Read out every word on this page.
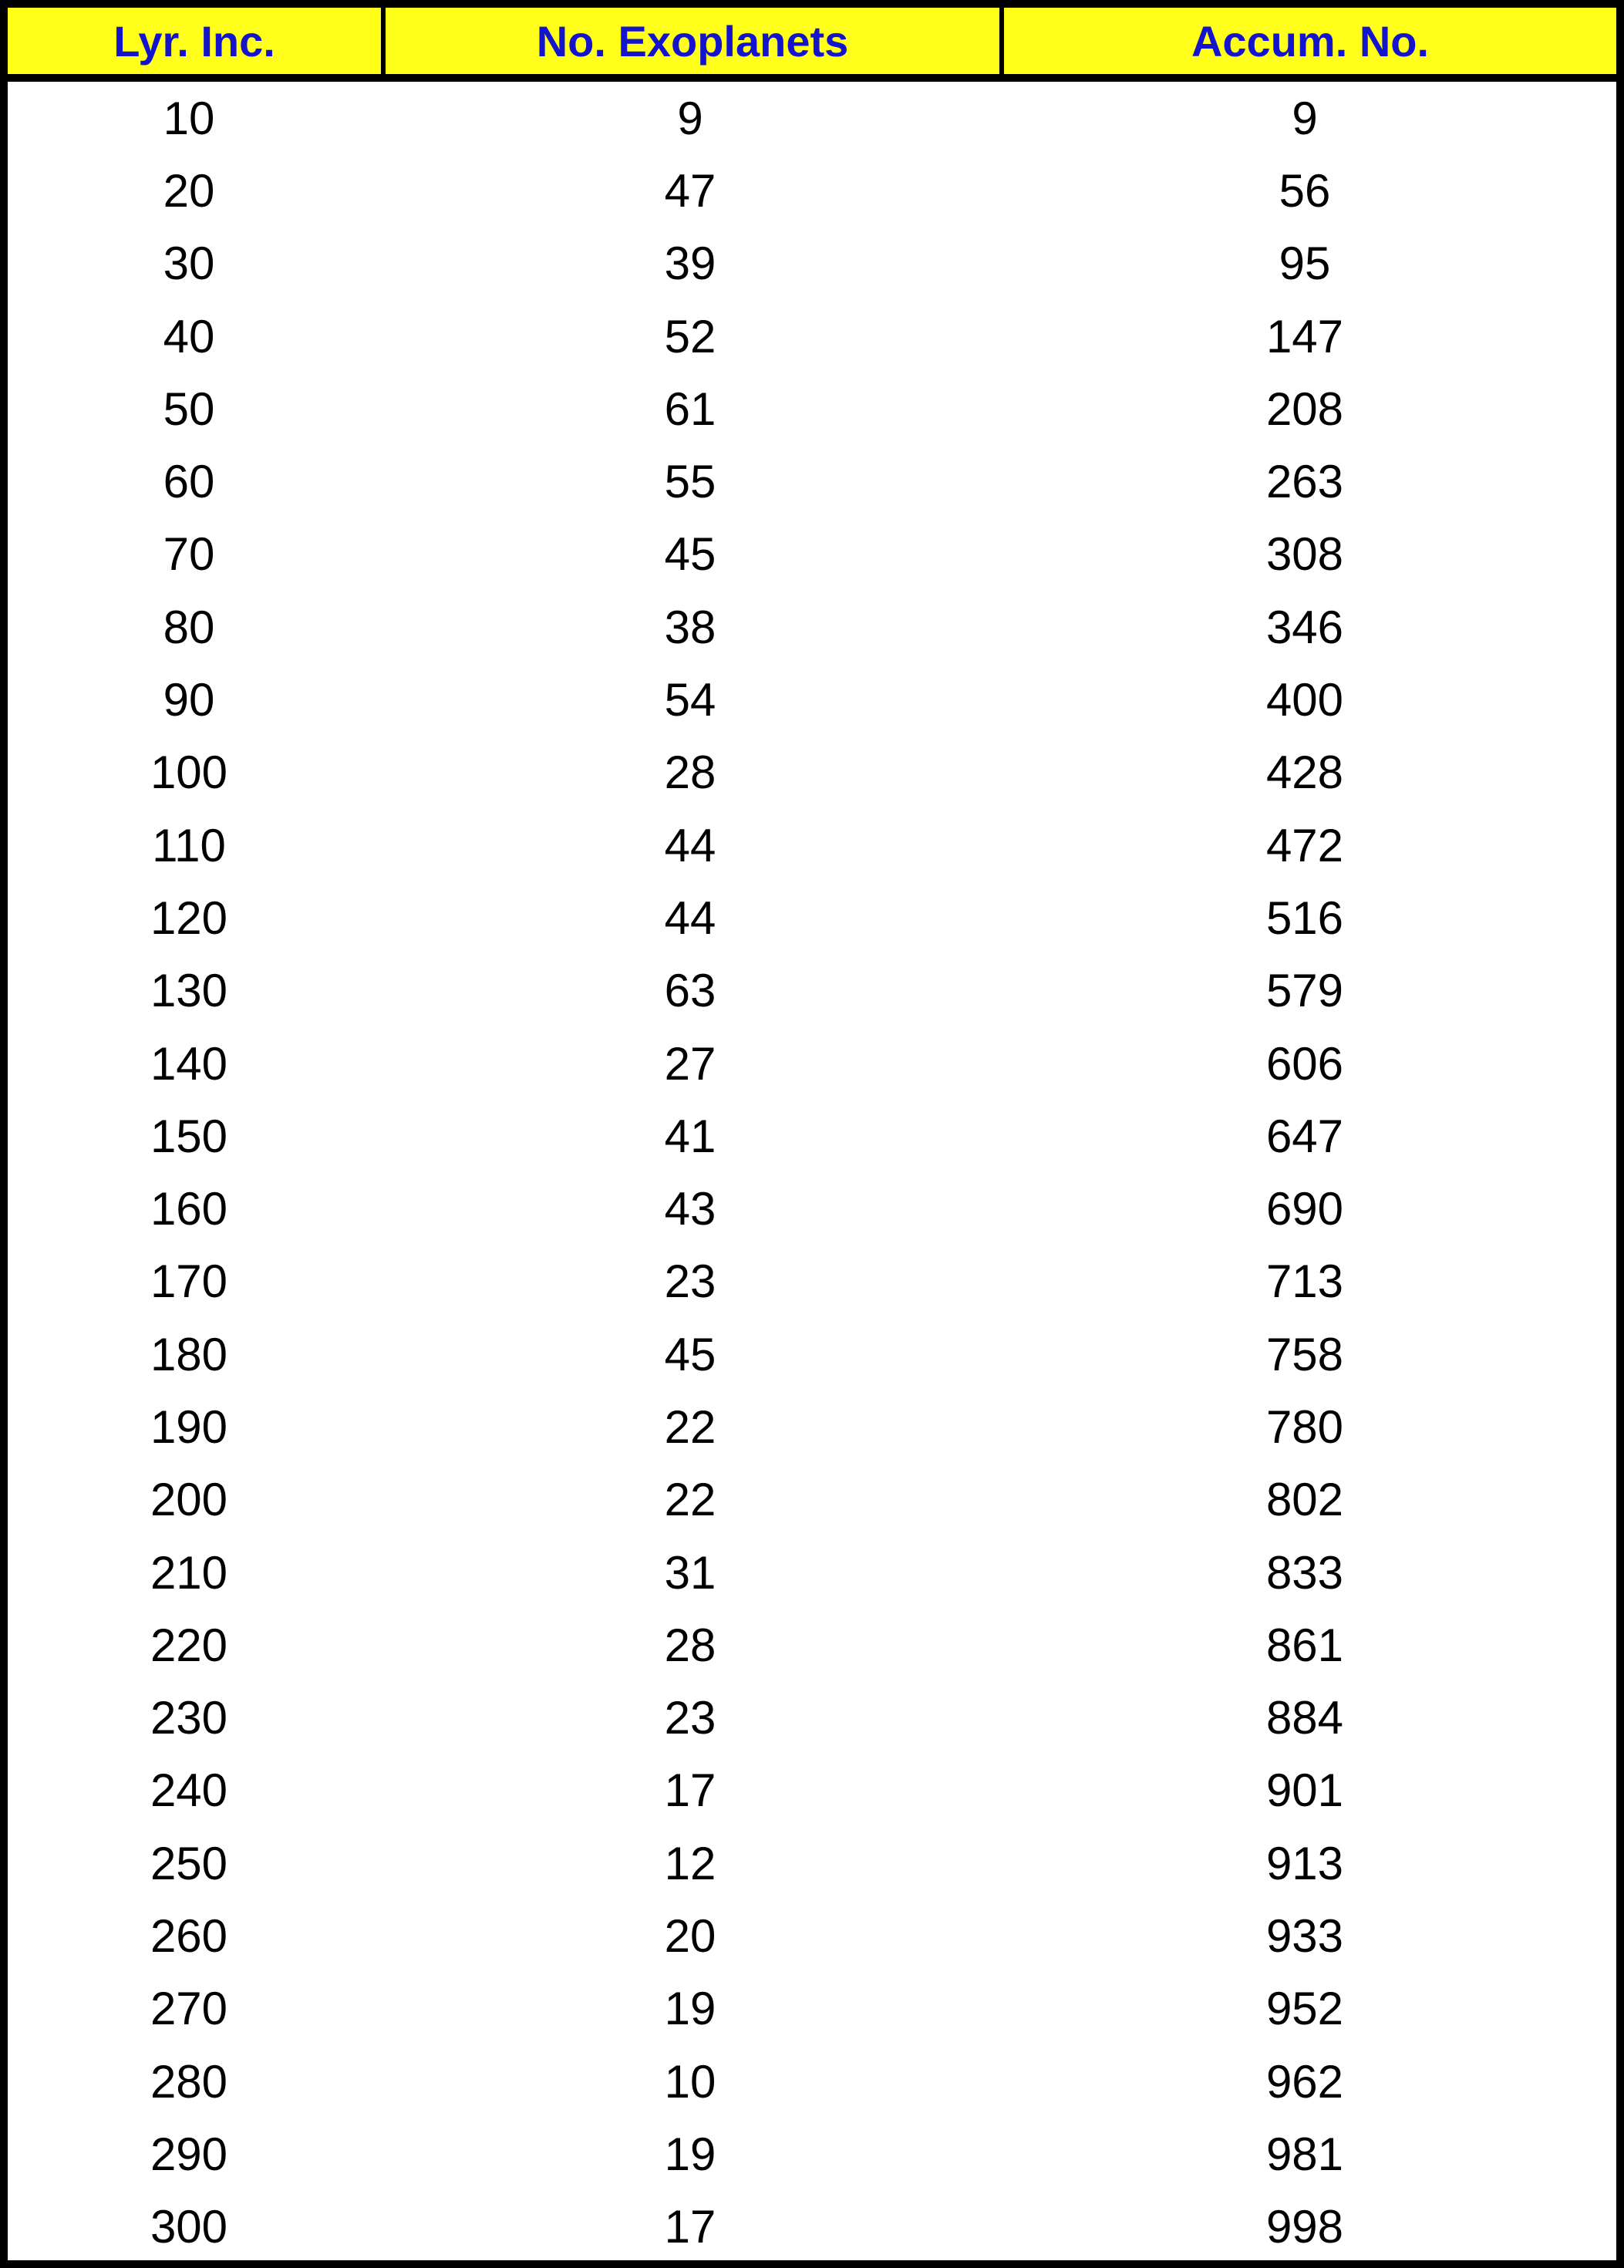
Lyr. Inc.	No. Exoplanets	Accum. No.
10	9	9
20	47	56
30	39	95
40	52	147
50	61	208
60	55	263
70	45	308
80	38	346
90	54	400
100	28	428
110	44	472
120	44	516
130	63	579
140	27	606
150	41	647
160	43	690
170	23	713
180	45	758
190	22	780
200	22	802
210	31	833
220	28	861
230	23	884
240	17	901
250	12	913
260	20	933
270	19	952
280	10	962
290	19	981
300	17	998
